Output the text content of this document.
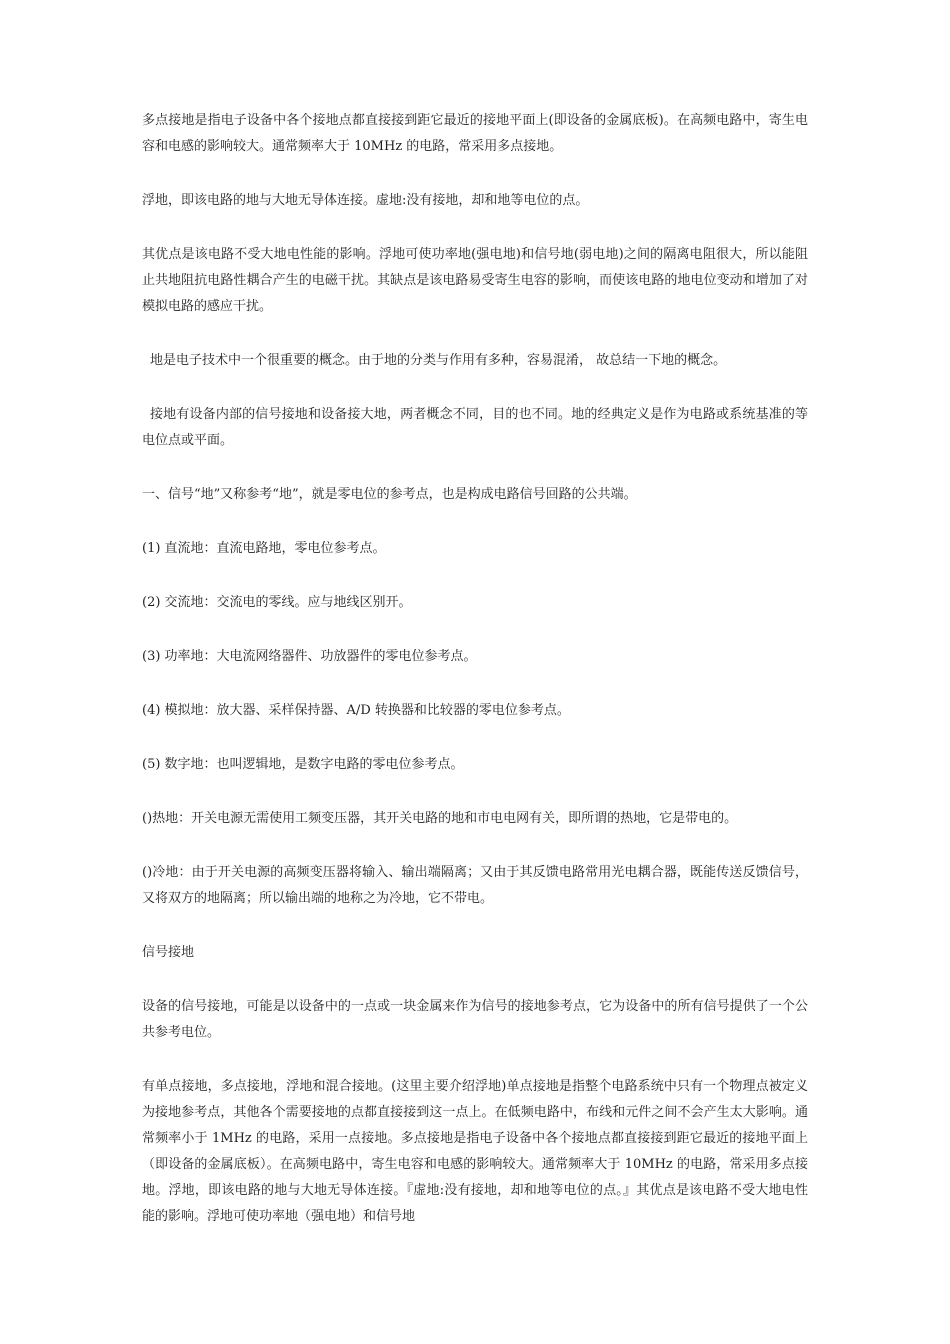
多点接地是指电子设备中各个接地点都直接接到距它最近的接地平面上(即设备的金属底板)。在高频电路中，寄生电容和电感的影响较大。通常频率大于 10MHz 的电路，常采用多点接地。

浮地，即该电路的地与大地无导体连接。虚地:没有接地，却和地等电位的点。

其优点是该电路不受大地电性能的影响。浮地可使功率地(强电地)和信号地(弱电地)之间的隔离电阻很大，所以能阻止共地阻抗电路性耦合产生的电磁干扰。其缺点是该电路易受寄生电容的影响，而使该电路的地电位变动和增加了对模拟电路的感应干扰。

地是电子技术中一个很重要的概念。由于地的分类与作用有多种，容易混淆， 故总结一下地的概念。

接地有设备内部的信号接地和设备接大地，两者概念不同，目的也不同。地的经典定义是作为电路或系统基准的等电位点或平面。

一、信号“地”又称参考“地”，就是零电位的参考点，也是构成电路信号回路的公共端。

(1) 直流地：直流电路地，零电位参考点。

(2) 交流地：交流电的零线。应与地线区别开。

(3) 功率地：大电流网络器件、功放器件的零电位参考点。

(4) 模拟地：放大器、采样保持器、A/D 转换器和比较器的零电位参考点。

(5) 数字地：也叫逻辑地，是数字电路的零电位参考点。

()热地：开关电源无需使用工频变压器，其开关电路的地和市电电网有关，即所谓的热地，它是带电的。

()冷地：由于开关电源的高频变压器将输入、输出端隔离；又由于其反馈电路常用光电耦合器，既能传送反馈信号，又将双方的地隔离；所以输出端的地称之为冷地，它不带电。

信号接地

设备的信号接地，可能是以设备中的一点或一块金属来作为信号的接地参考点，它为设备中的所有信号提供了一个公共参考电位。

有单点接地，多点接地，浮地和混合接地。(这里主要介绍浮地)单点接地是指整个电路系统中只有一个物理点被定义为接地参考点，其他各个需要接地的点都直接接到这一点上。在低频电路中，布线和元件之间不会产生太大影响。通常频率小于 1MHz 的电路，采用一点接地。多点接地是指电子设备中各个接地点都直接接到距它最近的接地平面上（即设备的金属底板）。在高频电路中，寄生电容和电感的影响较大。通常频率大于 10MHz 的电路，常采用多点接地。浮地，即该电路的地与大地无导体连接。『虚地:没有接地，却和地等电位的点。』其优点是该电路不受大地电性能的影响。浮地可使功率地（强电地）和信号地
